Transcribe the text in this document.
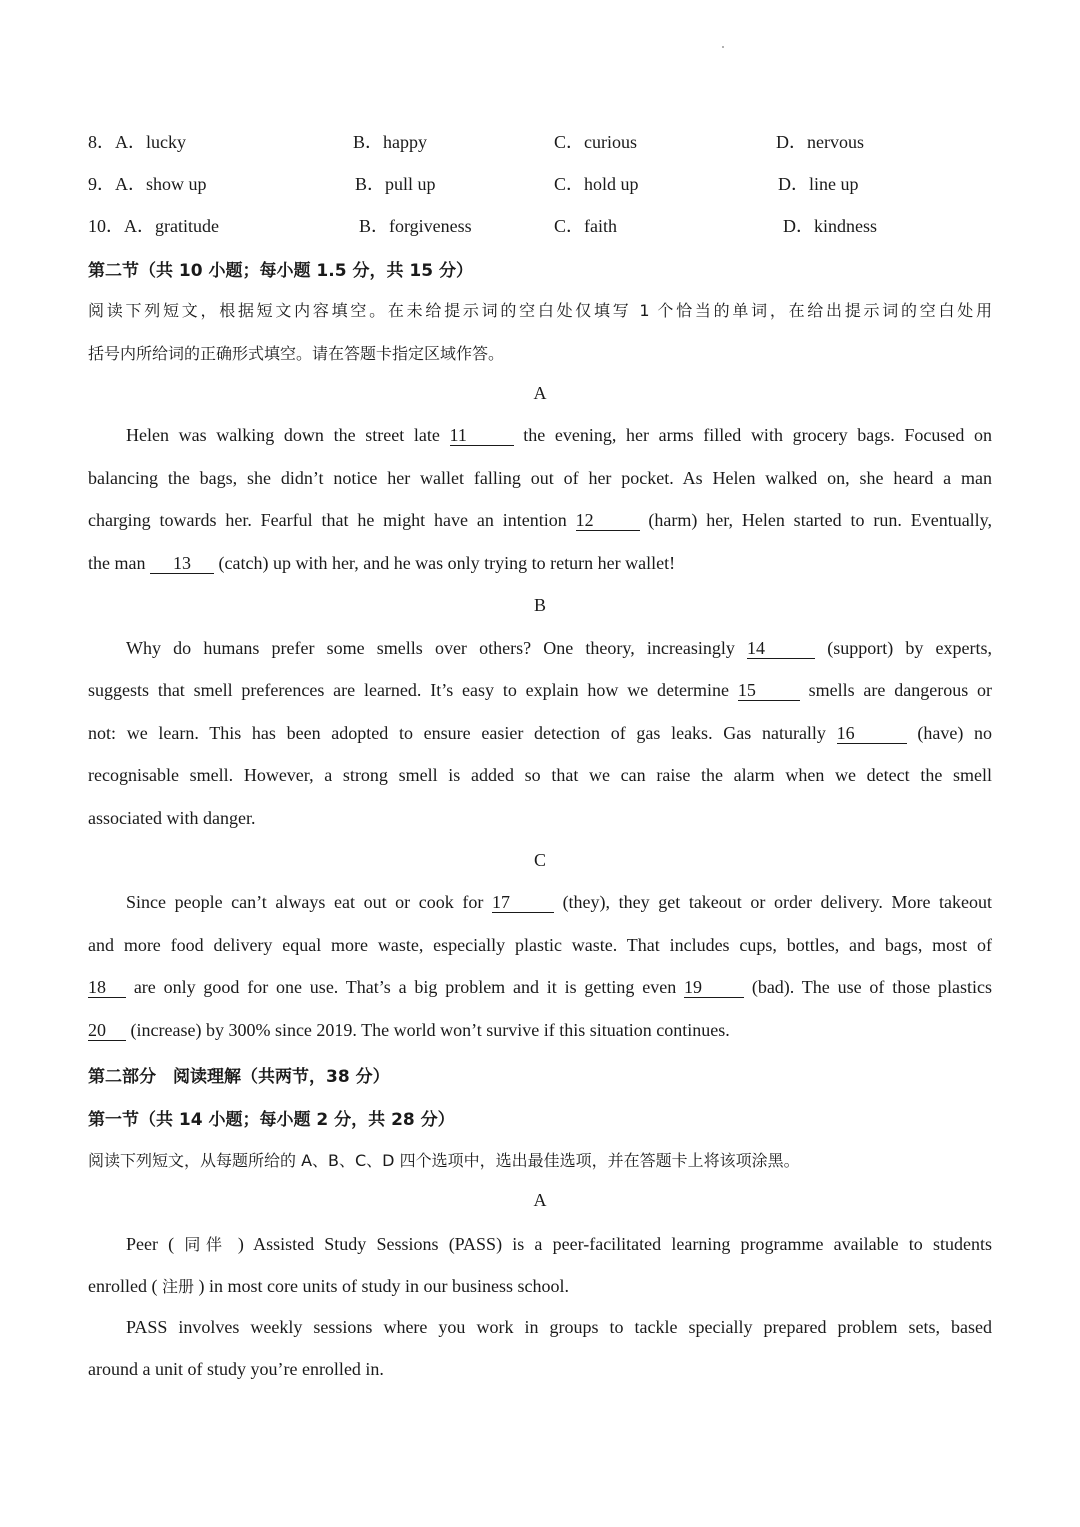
8．A．lucky	B．happy	C．curious	D．nervous
9．A．show up	B．pull up	C．hold up	D．line up
10．A．gratitude	B．forgiveness	C．faith	D．kindness
第二节（共 10 小题；每小题 1.5 分，共 15 分）
阅读下列短文，根据短文内容填空。在未给提示词的空白处仅填写 1 个恰当的单词，在给出提示词的空白处用
括号内所给词的正确形式填空。请在答题卡指定区域作答。
A
Helen was walking down the street late 11	the evening, her arms filled with grocery bags. Focused on
balancing the bags, she didn’t notice her wallet falling out of her pocket. As Helen walked on, she heard a man
charging towards her. Fearful that he might have an intention 12	(harm) her, Helen started to run. Eventually,
the man 13 (catch) up with her, and he was only trying to return her wallet!
B
Why do humans prefer some smells over others? One theory, increasingly 14	(support) by experts,
suggests that smell preferences are learned. It’s easy to explain how we determine 15	smells are dangerous or
not: we learn. This has been adopted to ensure easier detection of gas leaks. Gas naturally 16	(have) no
recognisable smell. However, a strong smell is added so that we can raise the alarm when we detect the smell
associated with danger.
C
Since people can’t always eat out or cook for 17	(they), they get takeout or order delivery. More takeout
and more food delivery equal more waste, especially plastic waste. That includes cups, bottles, and bags, most of
18 are only good for one use. That’s a big problem and it is getting even 19	(bad). The use of those plastics
20 (increase) by 300% since 2019. The world won’t survive if this situation continues.
第二部分　阅读理解（共两节，38 分）
第一节（共 14 小题；每小题 2 分，共 28 分）
阅读下列短文，从每题所给的 A、B、C、D 四个选项中，选出最佳选项，并在答题卡上将该项涂黑。
A
Peer ( 同伴 ) Assisted Study Sessions (PASS) is a peer-facilitated learning programme available to students
enrolled ( 注册 ) in most core units of study in our business school.
PASS involves weekly sessions where you work in groups to tackle specially prepared problem sets, based
around a unit of study you’re enrolled in.
